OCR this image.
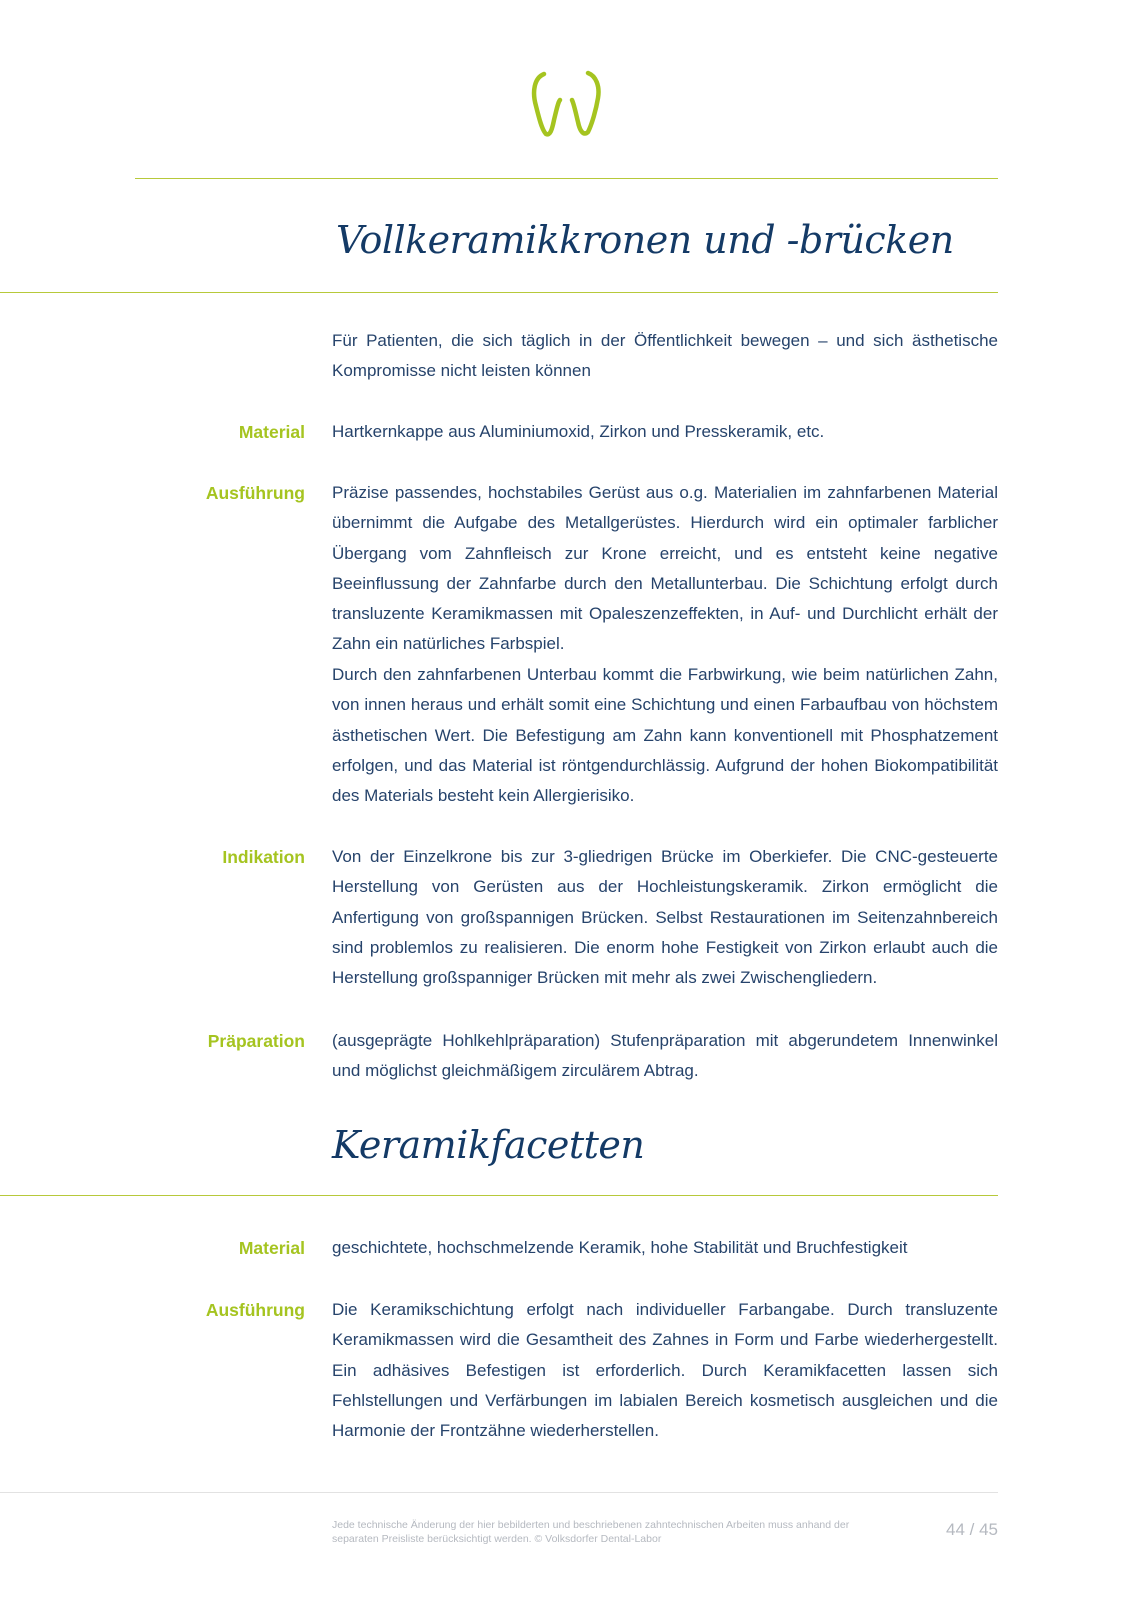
Vollkeramikkronen und -brücken

Für Patienten, die sich täglich in der Öffentlichkeit bewegen – und sich ästhetische Kompromisse nicht leisten können

Material Hartkernkappe aus Aluminiumoxid, Zirkon und Presskeramik, etc.

Ausführung Präzise passendes, hochstabiles Gerüst aus o.g. Materialien im zahnfarbenen Material übernimmt die Aufgabe des Metallgerüstes. Hierdurch wird ein optimaler farblicher Übergang vom Zahnfleisch zur Krone erreicht, und es entsteht keine negative Beeinflussung der Zahnfarbe durch den Metallunterbau. Die Schichtung erfolgt durch transluzente Keramikmassen mit Opaleszenzeffekten, in Auf- und Durchlicht erhält der Zahn ein natürliches Farbspiel.

Durch den zahnfarbenen Unterbau kommt die Farbwirkung, wie beim natürlichen Zahn, von innen heraus und erhält somit eine Schichtung und einen Farbaufbau von höchstem ästhetischen Wert. Die Befestigung am Zahn kann konventionell mit Phosphatzement erfolgen, und das Material ist röntgendurchlässig. Aufgrund der hohen Biokompatibilität des Materials besteht kein Allergierisiko.

Indikation Von der Einzelkrone bis zur 3-gliedrigen Brücke im Oberkiefer. Die CNC-gesteuerte Herstellung von Gerüsten aus der Hochleistungskeramik. Zirkon ermöglicht die Anfertigung von großspannigen Brücken. Selbst Restaurationen im Seitenzahnbereich sind problemlos zu realisieren. Die enorm hohe Festigkeit von Zirkon erlaubt auch die Herstellung großspanniger Brücken mit mehr als zwei Zwischengliedern.

Präparation (ausgeprägte Hohlkehlpräparation) Stufenpräparation mit abgerundetem Innenwinkel und möglichst gleichmäßigem zirculärem Abtrag.

Keramikfacetten

Material geschichtete, hochschmelzende Keramik, hohe Stabilität und Bruchfestigkeit

Ausführung Die Keramikschichtung erfolgt nach individueller Farbangabe. Durch transluzente Keramikmassen wird die Gesamtheit des Zahnes in Form und Farbe wiederhergestellt. Ein adhäsives Befestigen ist erforderlich. Durch Keramikfacetten lassen sich Fehlstellungen und Verfärbungen im labialen Bereich kosmetisch ausgleichen und die Harmonie der Frontzähne wiederherstellen.

Jede technische Änderung der hier bebilderten und beschriebenen zahntechnischen Arbeiten muss anhand der separaten Preisliste berücksichtigt werden. © Volksdorfer Dental-Labor	44 / 45
